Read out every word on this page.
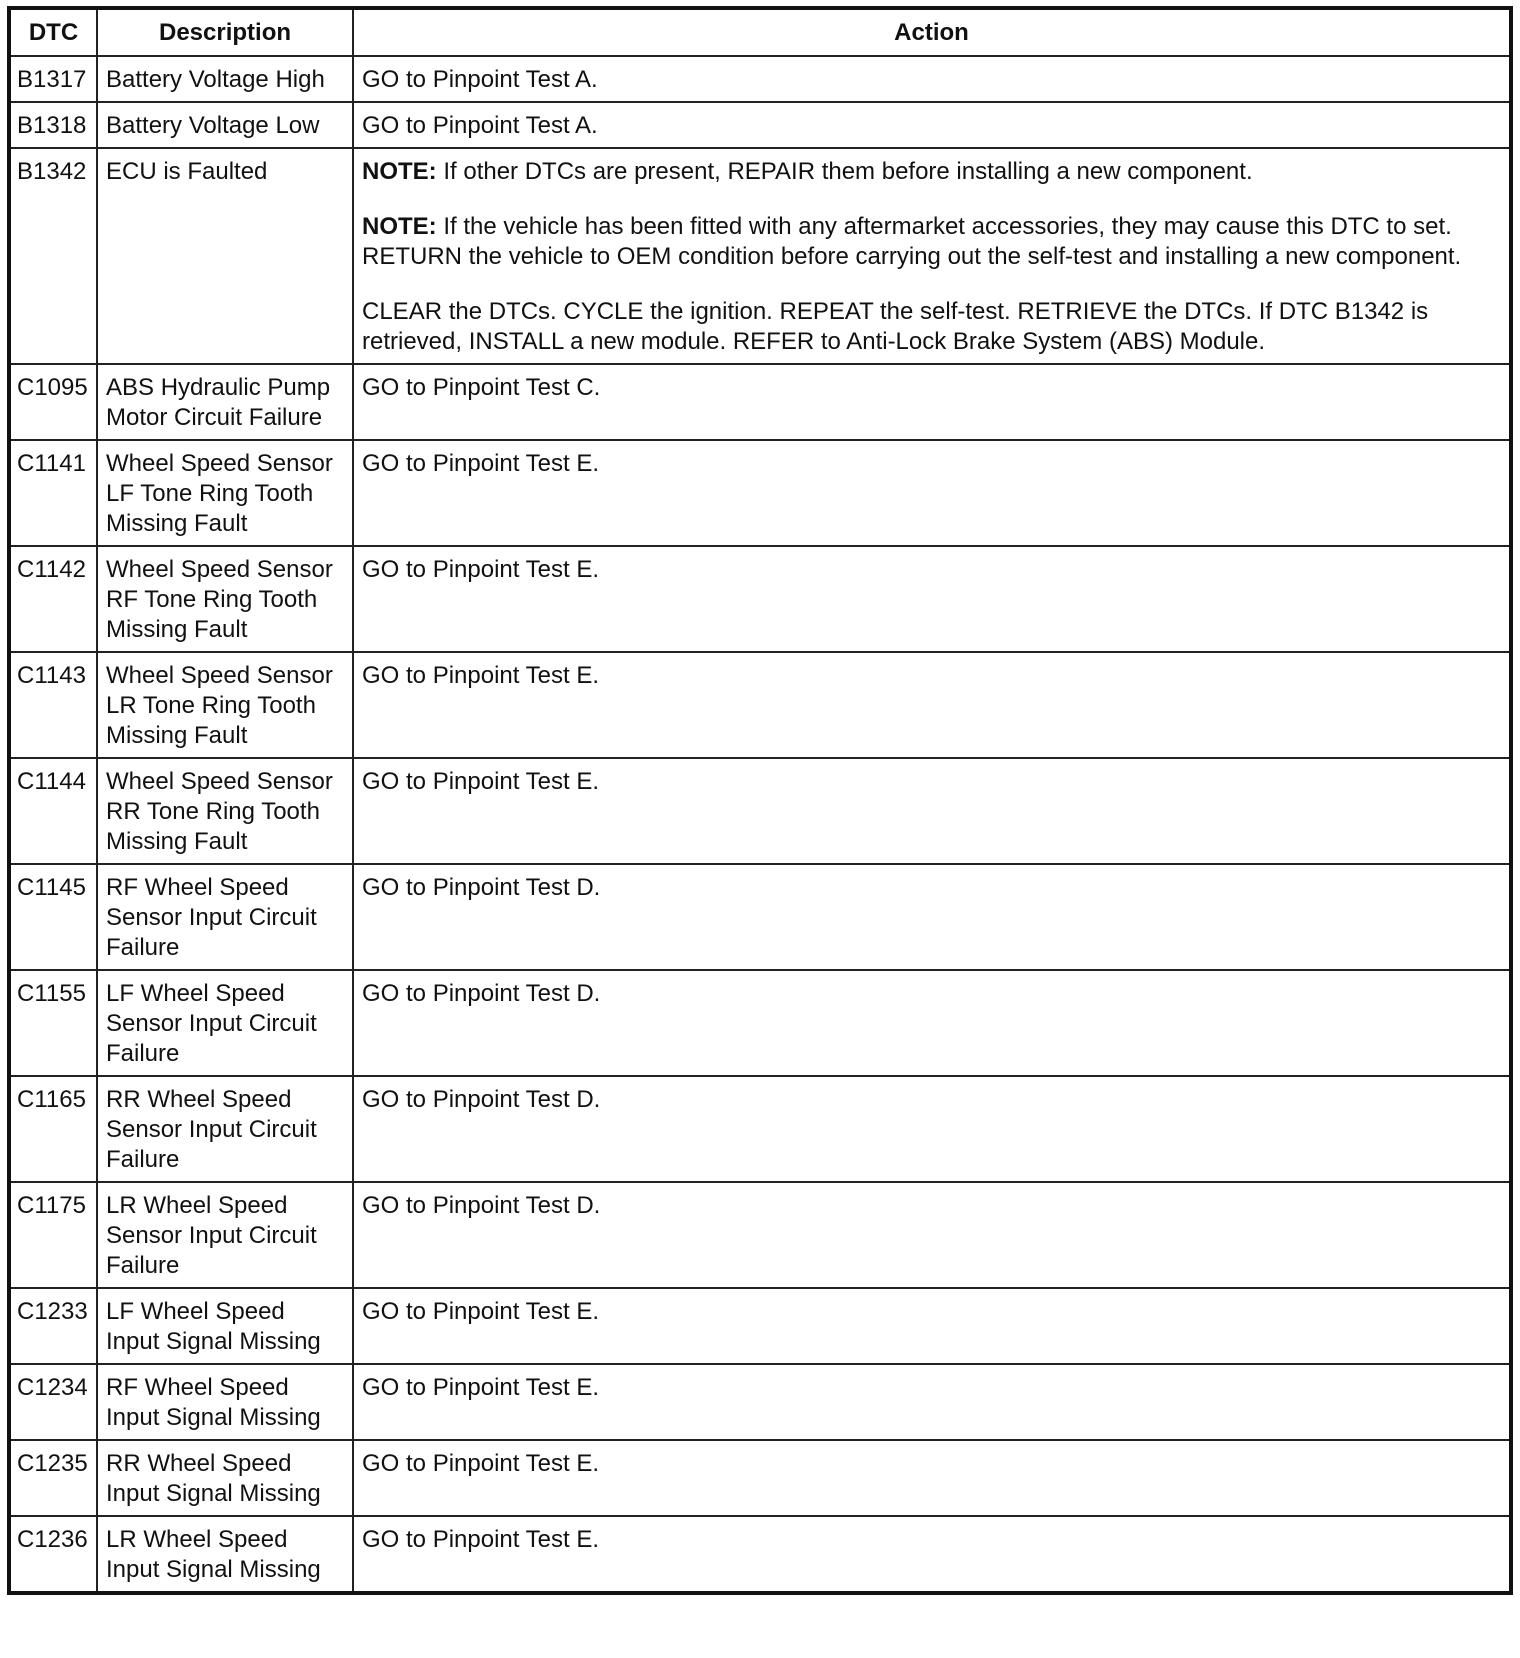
DTC	Description	Action
B1317	Battery Voltage High	GO to Pinpoint Test A.

B1318	Battery Voltage Low	GO to Pinpoint Test A.

B1342	ECU is Faulted	NOTE: If other DTCs are present, REPAIR them before installing a new component.

NOTE: If the vehicle has been fitted with any aftermarket accessories, they may cause this DTC to set. RETURN the vehicle to OEM condition before carrying out the self-test and installing a new component.

CLEAR the DTCs. CYCLE the ignition. REPEAT the self-test. RETRIEVE the DTCs. If DTC B1342 is retrieved, INSTALL a new module. REFER to Anti-Lock Brake System (ABS) Module.

C1095	ABS Hydraulic Pump Motor Circuit Failure	GO to Pinpoint Test C.

C1141	Wheel Speed Sensor LF Tone Ring Tooth Missing Fault	GO to Pinpoint Test E.

C1142	Wheel Speed Sensor RF Tone Ring Tooth Missing Fault	GO to Pinpoint Test E.

C1143	Wheel Speed Sensor LR Tone Ring Tooth Missing Fault	GO to Pinpoint Test E.

C1144	Wheel Speed Sensor RR Tone Ring Tooth Missing Fault	GO to Pinpoint Test E.

C1145	RF Wheel Speed Sensor Input Circuit Failure	GO to Pinpoint Test D.

C1155	LF Wheel Speed Sensor Input Circuit Failure	GO to Pinpoint Test D.

C1165	RR Wheel Speed Sensor Input Circuit Failure	GO to Pinpoint Test D.

C1175	LR Wheel Speed Sensor Input Circuit Failure	GO to Pinpoint Test D.

C1233	LF Wheel Speed Input Signal Missing	GO to Pinpoint Test E.

C1234	RF Wheel Speed Input Signal Missing	GO to Pinpoint Test E.

C1235	RR Wheel Speed Input Signal Missing	GO to Pinpoint Test E.

C1236	LR Wheel Speed Input Signal Missing	GO to Pinpoint Test E.
